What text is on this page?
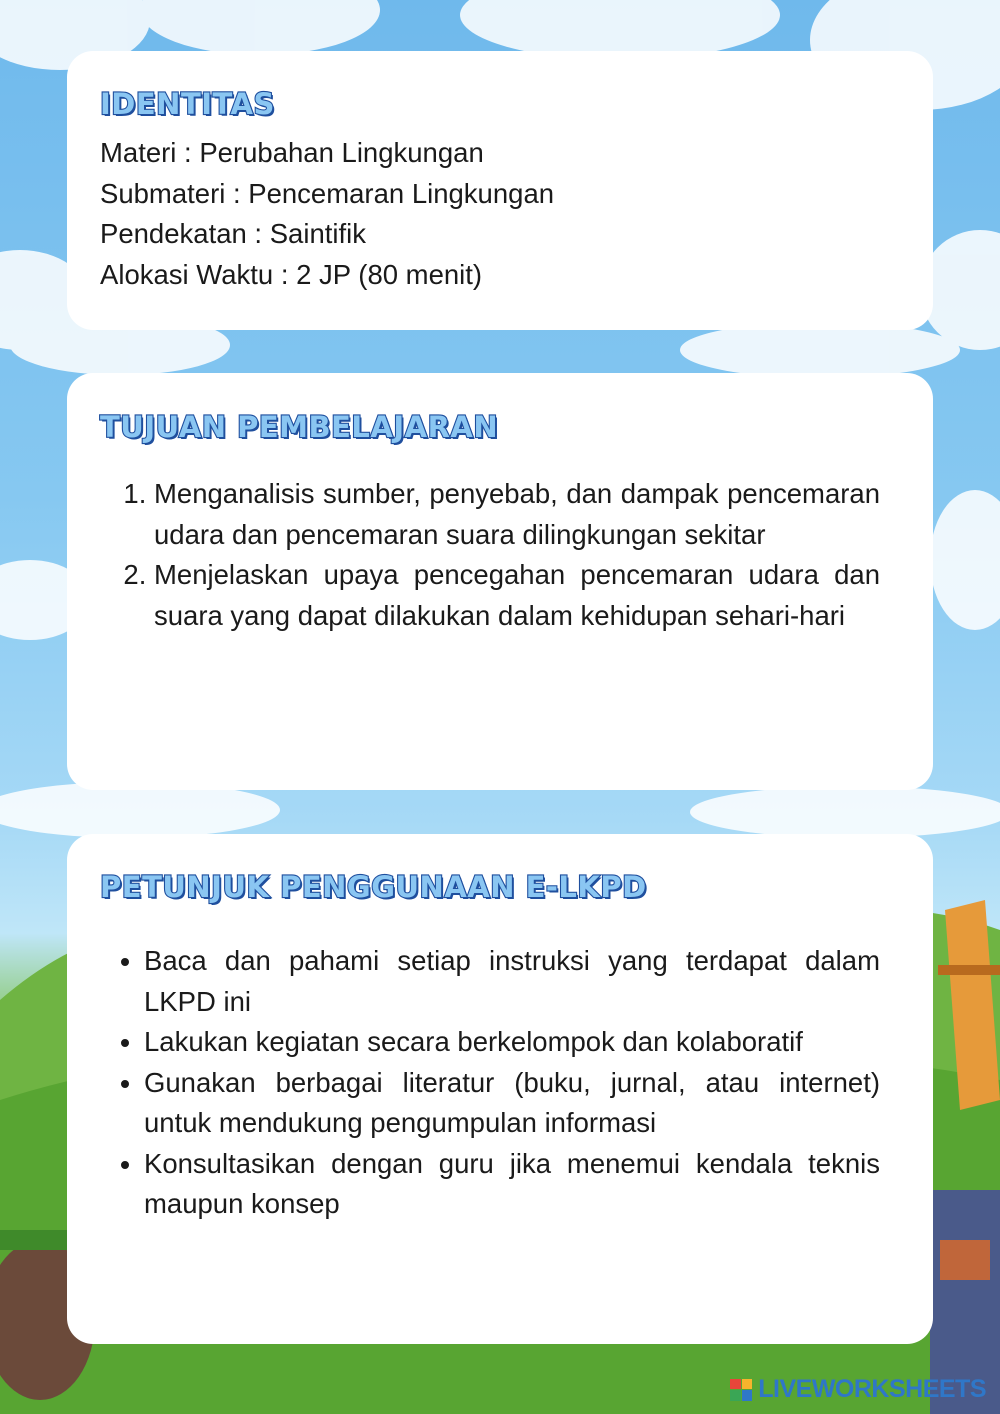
IDENTITAS
Materi : Perubahan Lingkungan
Submateri : Pencemaran Lingkungan
Pendekatan : Saintifik
Alokasi Waktu : 2 JP (80 menit)
TUJUAN PEMBELAJARAN
1. Menganalisis sumber, penyebab, dan dampak pencemaran udara dan pencemaran suara dilingkungan sekitar
2. Menjelaskan upaya pencegahan pencemaran udara dan suara yang dapat dilakukan dalam kehidupan sehari-hari
PETUNJUK PENGGUNAAN E-LKPD
• Baca dan pahami setiap instruksi yang terdapat dalam LKPD ini
• Lakukan kegiatan secara berkelompok dan kolaboratif
• Gunakan berbagai literatur (buku, jurnal, atau internet) untuk mendukung pengumpulan informasi
• Konsultasikan dengan guru jika menemui kendala teknis maupun konsep
LIVEWORKSHEETS
